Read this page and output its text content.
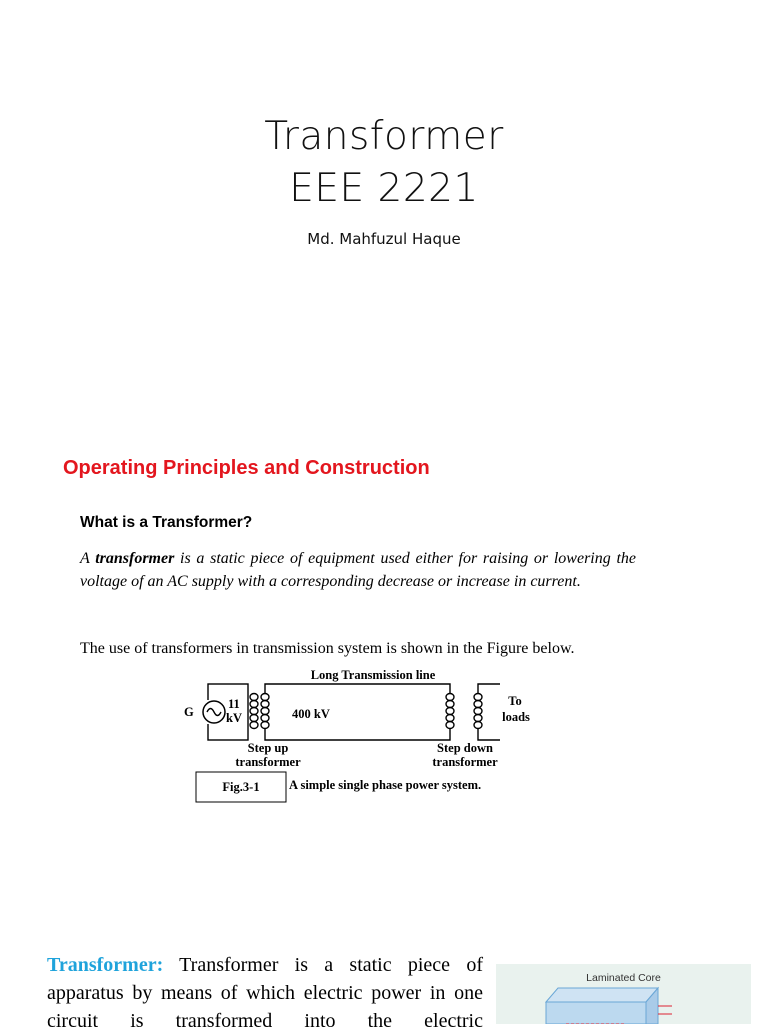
Transformer
EEE 2221
Md. Mahfuzul Haque
Operating Principles and Construction
What is a Transformer?
A transformer is a static piece of equipment used either for raising or lowering the voltage of an AC supply with a corresponding decrease or increase in current.
The use of transformers in transmission system is shown in the Figure below.
Long Transmission line
G
11
kV	400 kV
To
loads
Step up
transformer
Step down
transformer
Fig.3-1 A simple single phase power system.
Transformer: Transformer is a static piece of apparatus by means of which electric power in one circuit is transformed into the electric
Laminated Core
